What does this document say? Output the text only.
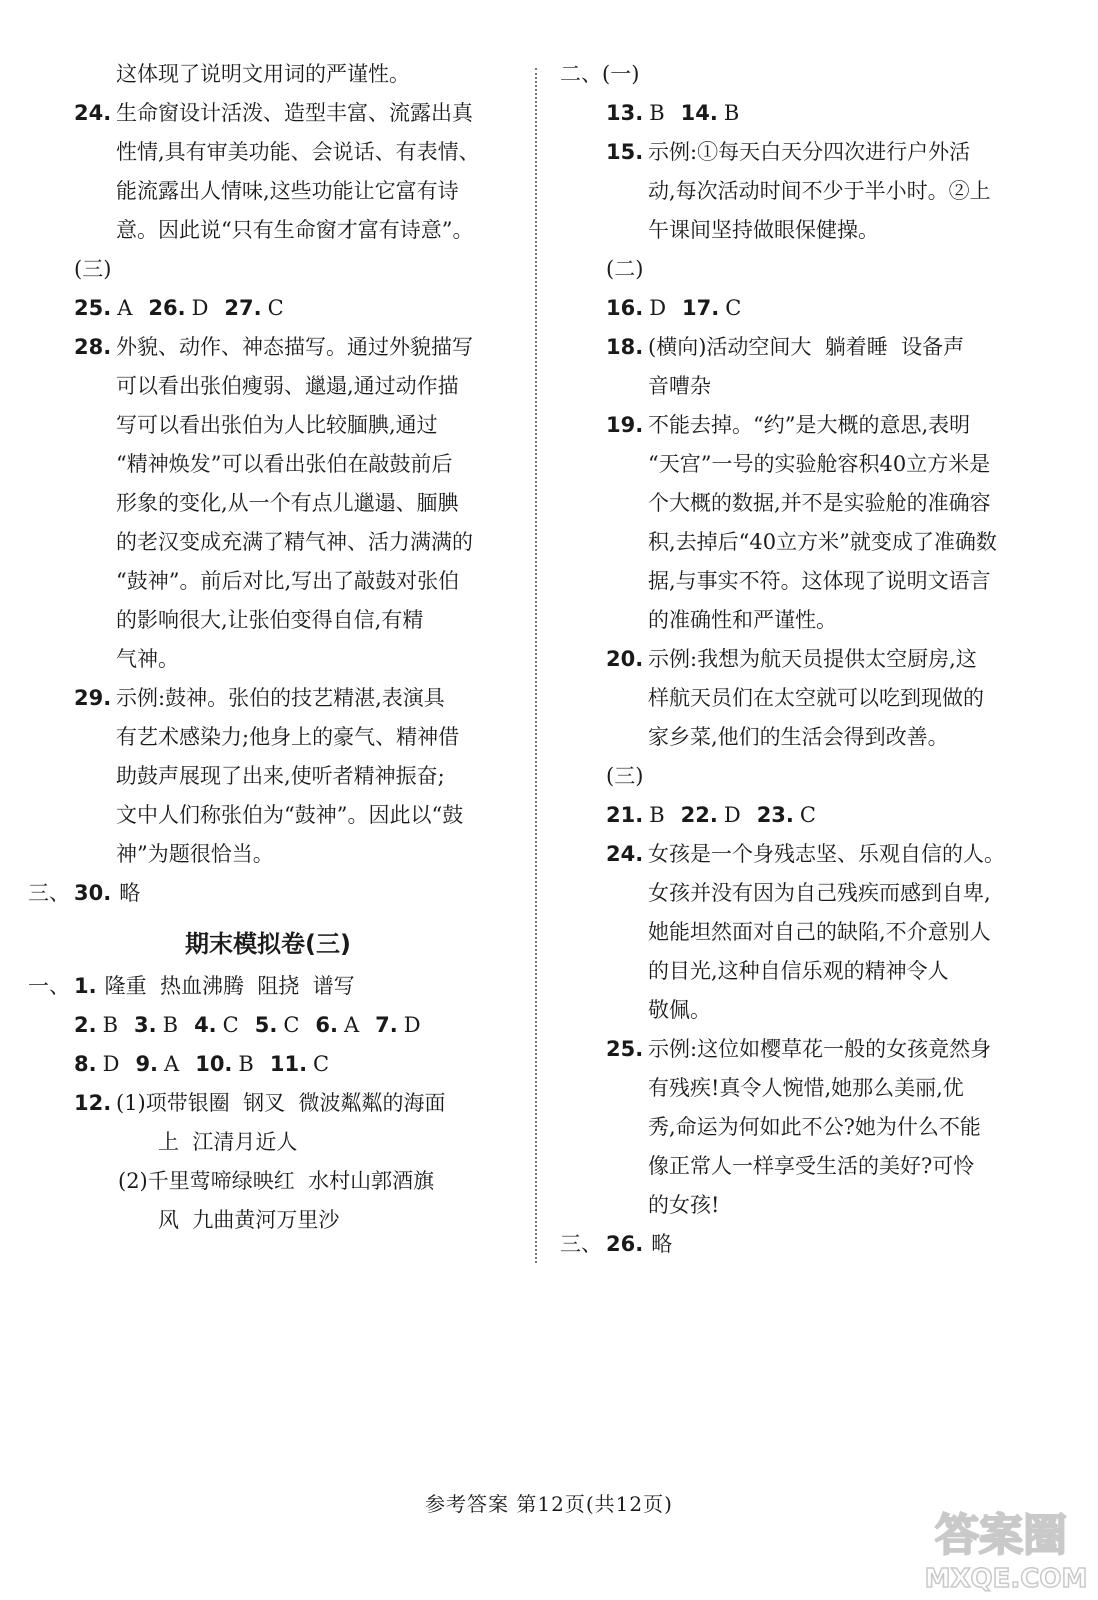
这体现了说明文用词的严谨性。
24. 生命窗设计活泼、造型丰富、流露出真
性情,具有审美功能、会说话、有表情、
能流露出人情味,这些功能让它富有诗
意。因此说“只有生命窗才富有诗意”。
(三)
25. A 26. D 27. C
28. 外貌、动作、神态描写。通过外貌描写
可以看出张伯瘦弱、邋遢,通过动作描
写可以看出张伯为人比较腼腆,通过
“精神焕发”可以看出张伯在敲鼓前后
形象的变化,从一个有点儿邋遢、腼腆
的老汉变成充满了精气神、活力满满的
“鼓神”。前后对比,写出了敲鼓对张伯
的影响很大,让张伯变得自信,有精
气神。
29. 示例:鼓神。张伯的技艺精湛,表演具
有艺术感染力;他身上的豪气、精神借
助鼓声展现了出来,使听者精神振奋;
文中人们称张伯为“鼓神”。因此以“鼓
神”为题很恰当。
三、 30. 略
期末模拟卷(三)
一、 1. 隆重  热血沸腾  阻挠  谱写
2. B 3. B 4. C 5. C 6. A 7. D
8. D 9. A 10. B 11. C
12. (1)项带银圈  钢叉  微波粼粼的海面
上  江清月近人
(2)千里莺啼绿映红  水村山郭酒旗
风  九曲黄河万里沙
二、(一)
13. B 14. B
15. 示例:①每天白天分四次进行户外活
动,每次活动时间不少于半小时。②上
午课间坚持做眼保健操。
(二)
16. D 17. C
18. (横向)活动空间大  躺着睡  设备声
音嘈杂
19. 不能去掉。“约”是大概的意思,表明
“天宫”一号的实验舱容积40立方米是
个大概的数据,并不是实验舱的准确容
积,去掉后“40立方米”就变成了准确数
据,与事实不符。这体现了说明文语言
的准确性和严谨性。
20. 示例:我想为航天员提供太空厨房,这
样航天员们在太空就可以吃到现做的
家乡菜,他们的生活会得到改善。
(三)
21. B 22. D 23. C
24. 女孩是一个身残志坚、乐观自信的人。
女孩并没有因为自己残疾而感到自卑,
她能坦然面对自己的缺陷,不介意别人
的目光,这种自信乐观的精神令人
敬佩。
25. 示例:这位如樱草花一般的女孩竟然身
有残疾!真令人惋惜,她那么美丽,优
秀,命运为何如此不公?她为什么不能
像正常人一样享受生活的美好?可怜
的女孩!
三、 26. 略
参考答案 第12页(共12页)
答案圈
MXQE.COM
